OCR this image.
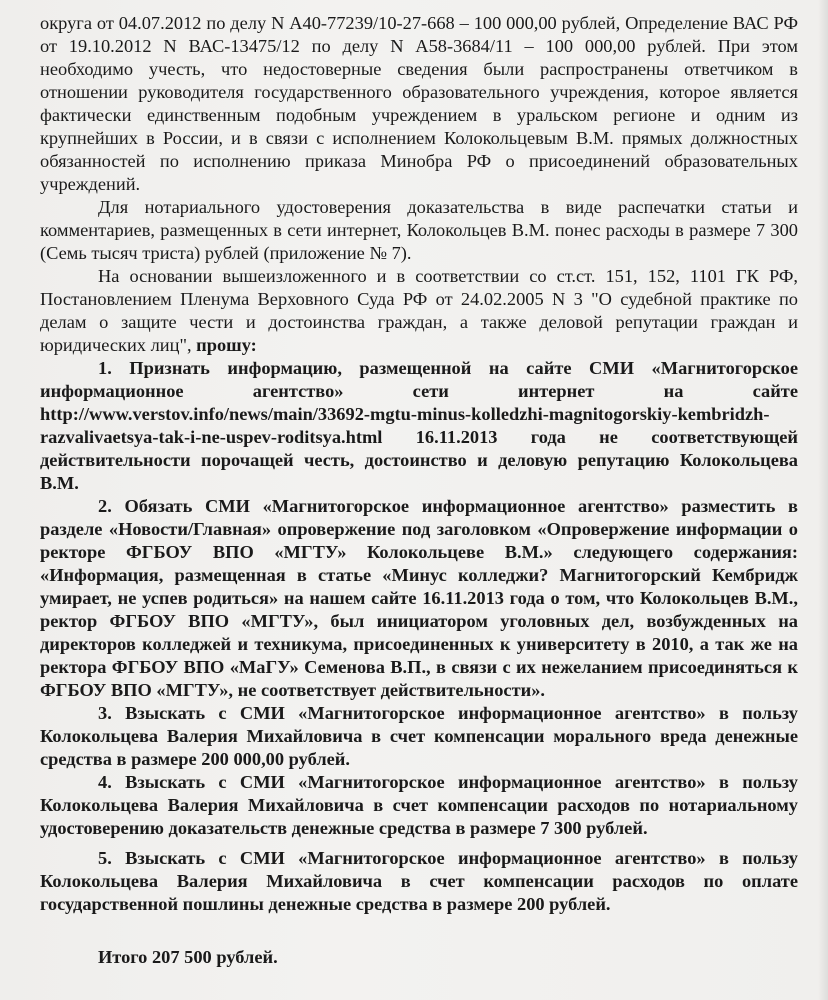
округа от 04.07.2012 по делу N А40-77239/10-27-668 – 100 000,00 рублей, Определение ВАС РФ от 19.10.2012 N ВАС-13475/12 по делу N А58-3684/11 – 100 000,00 рублей. При этом необходимо учесть, что недостоверные сведения были распространены ответчиком в отношении руководителя государственного образовательного учреждения, которое является фактически единственным подобным учреждением в уральском регионе и одним из крупнейших в России, и в связи с исполнением Колокольцевым В.М. прямых должностных обязанностей по исполнению приказа Минобра РФ о присоединений образовательных учреждений.

Для нотариального удостоверения доказательства в виде распечатки статьи и комментариев, размещенных в сети интернет, Колокольцев В.М. понес расходы в размере 7 300 (Семь тысяч триста) рублей (приложение № 7).

На основании вышеизложенного и в соответствии со ст.ст. 151, 152, 1101 ГК РФ, Постановлением Пленума Верховного Суда РФ от 24.02.2005 N 3 "О судебной практике по делам о защите чести и достоинства граждан, а также деловой репутации граждан и юридических лиц", прошу:

1. Признать информацию, размещенной на сайте СМИ «Магнитогорское информационное агентство» сети интернет на сайте http://www.verstov.info/news/main/33692-mgtu-minus-kolledzhi-magnitogorskiy-kembridzh-razvalivaetsya-tak-i-ne-uspev-roditsya.html 16.11.2013 года не соответствующей действительности порочащей честь, достоинство и деловую репутацию Колокольцева В.М.

2. Обязать СМИ «Магнитогорское информационное агентство» разместить в разделе «Новости/Главная» опровержение под заголовком «Опровержение информации о ректоре ФГБОУ ВПО «МГТУ» Колокольцеве В.М.» следующего содержания: «Информация, размещенная в статье «Минус колледжи? Магнитогорский Кембридж умирает, не успев родиться» на нашем сайте 16.11.2013 года о том, что Колокольцев В.М., ректор ФГБОУ ВПО «МГТУ», был инициатором уголовных дел, возбужденных на директоров колледжей и техникума, присоединенных к университету в 2010, а так же на ректора ФГБОУ ВПО «МаГУ» Семенова В.П., в связи с их нежеланием присоединяться к ФГБОУ ВПО «МГТУ», не соответствует действительности».

3. Взыскать с СМИ «Магнитогорское информационное агентство» в пользу Колокольцева Валерия Михайловича в счет компенсации морального вреда денежные средства в размере 200 000,00 рублей.

4. Взыскать с СМИ «Магнитогорское информационное агентство» в пользу Колокольцева Валерия Михайловича в счет компенсации расходов по нотариальному удостоверению доказательств денежные средства в размере 7 300 рублей.

5. Взыскать с СМИ «Магнитогорское информационное агентство» в пользу Колокольцева Валерия Михайловича в счет компенсации расходов по оплате государственной пошлины денежные средства в размере 200 рублей.

Итого 207 500 рублей.
